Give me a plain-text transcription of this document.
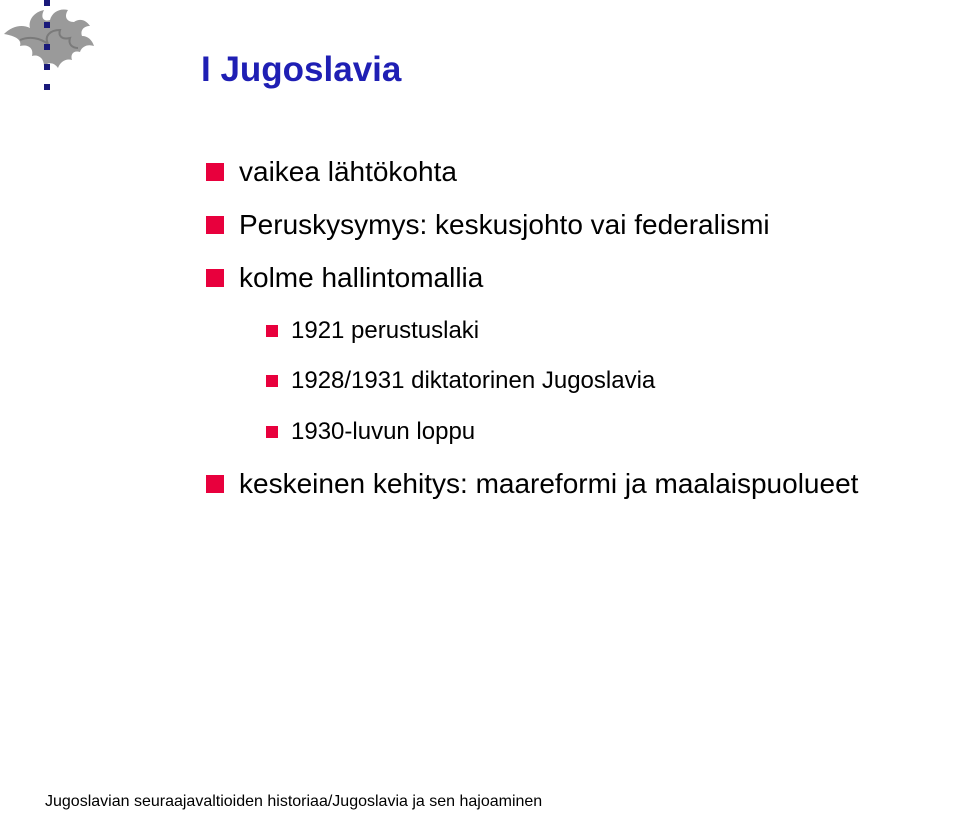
I Jugoslavia
vaikea lähtökohta
Peruskysymys: keskusjohto vai federalismi
kolme hallintomallia
1921 perustuslaki
1928/1931 diktatorinen Jugoslavia
1930-luvun loppu
keskeinen kehitys: maareformi ja maalaispuolueet
Jugoslavian seuraajavaltioiden historiaa/Jugoslavia ja sen hajoaminen
